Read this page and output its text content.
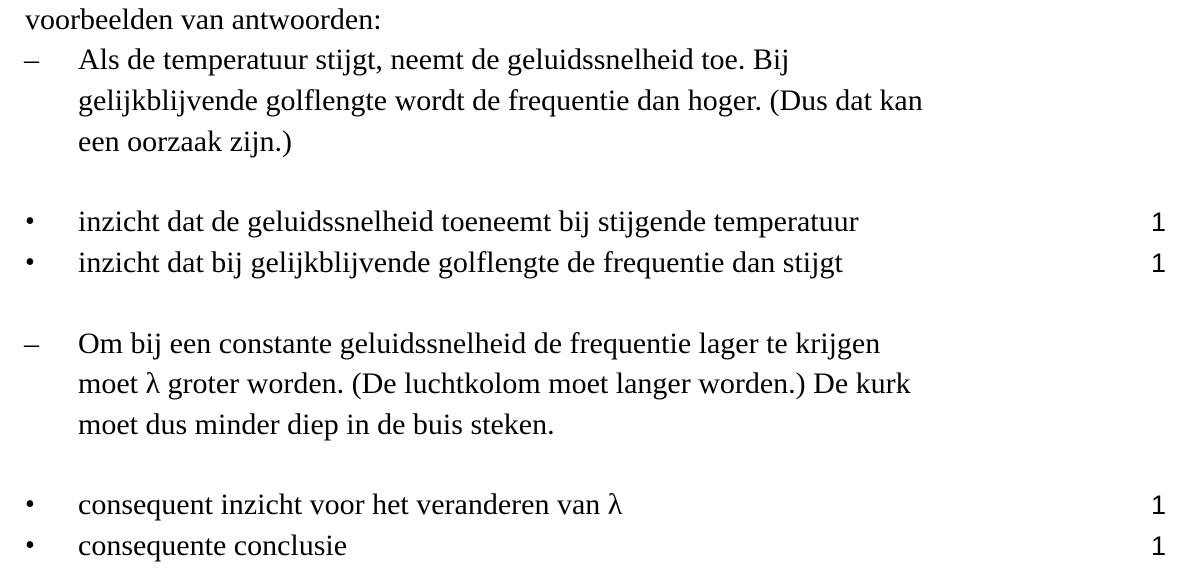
voorbeelden van antwoorden:
–	Als de temperatuur stijgt, neemt de geluidssnelheid toe. Bij
gelijkblijvende golflengte wordt de frequentie dan hoger. (Dus dat kan
een oorzaak zijn.)
•	inzicht dat de geluidssnelheid toeneemt bij stijgende temperatuur	1
•	inzicht dat bij gelijkblijvende golflengte de frequentie dan stijgt	1
–	Om bij een constante geluidssnelheid de frequentie lager te krijgen
moet λ groter worden. (De luchtkolom moet langer worden.) De kurk
moet dus minder diep in de buis steken.
•	consequent inzicht voor het veranderen van λ	1
•	consequente conclusie	1
